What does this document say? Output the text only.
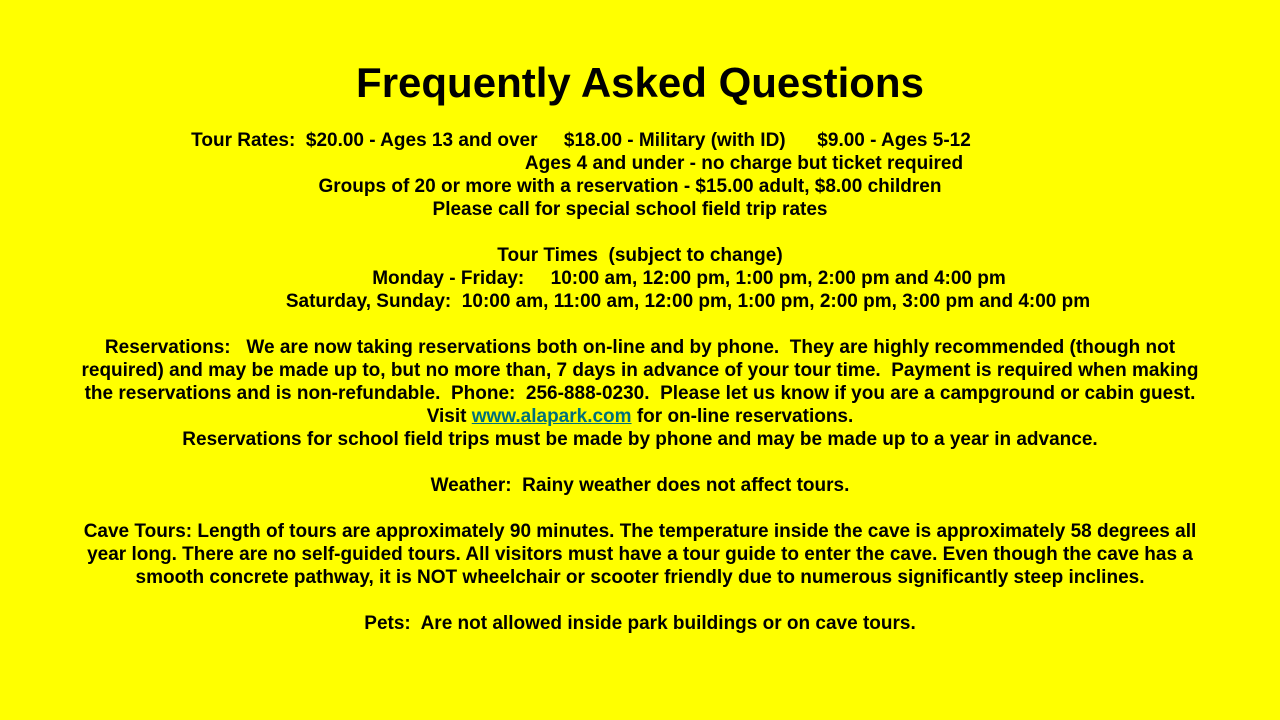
Frequently Asked Questions

Tour Rates:  $20.00 - Ages 13 and over     $18.00 - Military (with ID)      $9.00 - Ages 5-12

Ages 4 and under - no charge but ticket required

Groups of 20 or more with a reservation - $15.00 adult, $8.00 children

Please call for special school field trip rates

Tour Times  (subject to change)

Monday - Friday:     10:00 am, 12:00 pm, 1:00 pm, 2:00 pm and 4:00 pm

Saturday, Sunday:  10:00 am, 11:00 am, 12:00 pm, 1:00 pm, 2:00 pm, 3:00 pm and 4:00 pm

Reservations:   We are now taking reservations both on-line and by phone.  They are highly recommended (though not

required) and may be made up to, but no more than, 7 days in advance of your tour time.  Payment is required when making

the reservations and is non-refundable.  Phone:  256-888-0230.  Please let us know if you are a campground or cabin guest.

Visit www.alapark.com for on-line reservations.

Reservations for school field trips must be made by phone and may be made up to a year in advance.

Weather:  Rainy weather does not affect tours.

Cave Tours: Length of tours are approximately 90 minutes. The temperature inside the cave is approximately 58 degrees all

year long. There are no self-guided tours. All visitors must have a tour guide to enter the cave. Even though the cave has a

smooth concrete pathway, it is NOT wheelchair or scooter friendly due to numerous significantly steep inclines.

Pets:  Are not allowed inside park buildings or on cave tours.
